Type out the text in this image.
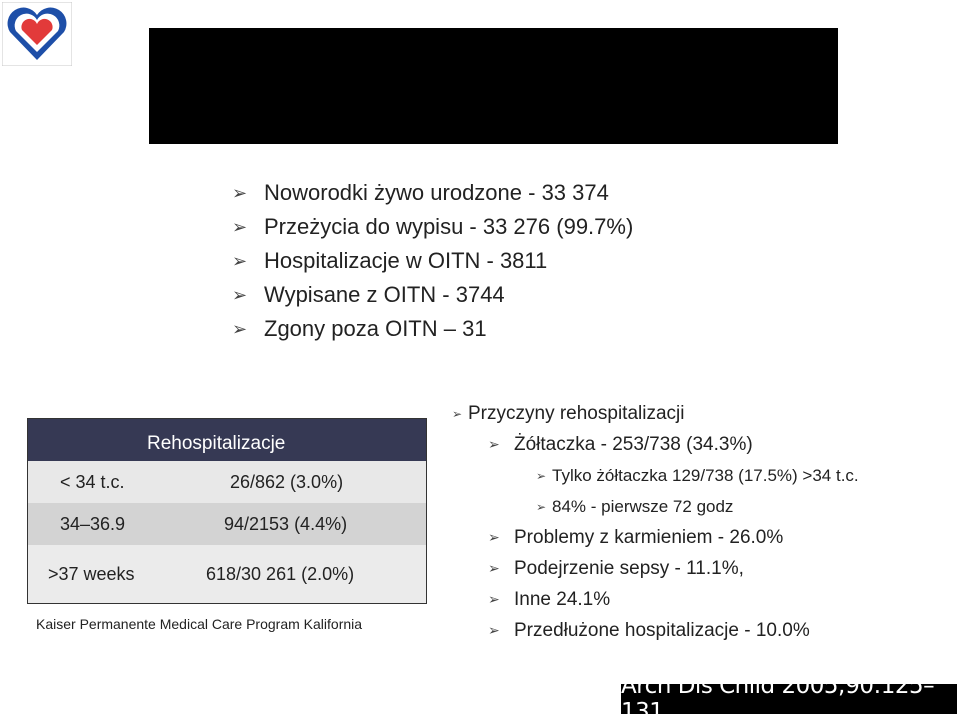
➢ Noworodki żywo urodzone - 33 374
➢ Przeżycia do wypisu - 33 276 (99.7%)
➢ Hospitalizacje w OITN - 3811
➢ Wypisane z OITN - 3744
➢ Zgony poza OITN – 31
Rehospitalizacje
< 34 t.c.	26/862 (3.0%)
34–36.9	94/2153 (4.4%)
>37 weeks	618/30 261 (2.0%)
Kaiser Permanente Medical Care Program Kalifornia
➢ Przyczyny rehospitalizacji
➢ Żółtaczka - 253/738 (34.3%)
➢ Tylko żółtaczka 129/738 (17.5%) >34 t.c.
➢ 84% - pierwsze 72 godz
➢ Problemy z karmieniem - 26.0%
➢ Podejrzenie sepsy - 11.1%,
➢ Inne 24.1%
➢ Przedłużone hospitalizacje - 10.0%
Arch Dis Child 2005;90:125–131
